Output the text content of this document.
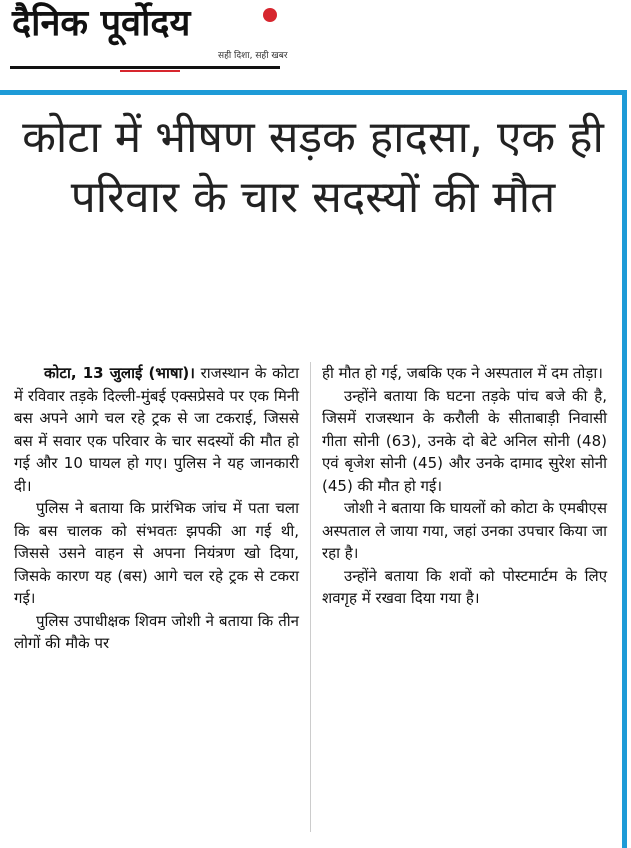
दैनिक पूर्वोदय
सही दिशा, सही खबर
कोटा में भीषण सड़क हादसा, एक ही परिवार के चार सदस्यों की मौत

कोटा, 13 जुलाई (भाषा)। राजस्थान के कोटा में रविवार तड़के दिल्ली-मुंबई एक्सप्रेसवे पर एक मिनी बस अपने आगे चल रहे ट्रक से जा टकराई, जिससे बस में सवार एक परिवार के चार सदस्यों की मौत हो गई और 10 घायल हो गए। पुलिस ने यह जानकारी दी।

पुलिस ने बताया कि प्रारंभिक जांच में पता चला कि बस चालक को संभवतः झपकी आ गई थी, जिससे उसने वाहन से अपना नियंत्रण खो दिया, जिसके कारण यह (बस) आगे चल रहे ट्रक से टकरा गई।

पुलिस उपाधीक्षक शिवम जोशी ने बताया कि तीन लोगों की मौके पर

ही मौत हो गई, जबकि एक ने अस्पताल में दम तोड़ा।

उन्होंने बताया कि घटना तड़के पांच बजे की है, जिसमें राजस्थान के करौली के सीताबाड़ी निवासी गीता सोनी (63), उनके दो बेटे अनिल सोनी (48) एवं बृजेश सोनी (45) और उनके दामाद सुरेश सोनी (45) की मौत हो गई।

जोशी ने बताया कि घायलों को कोटा के एमबीएस अस्पताल ले जाया गया, जहां उनका उपचार किया जा रहा है।

उन्होंने बताया कि शवों को पोस्टमार्टम के लिए शवगृह में रखवा दिया गया है।
